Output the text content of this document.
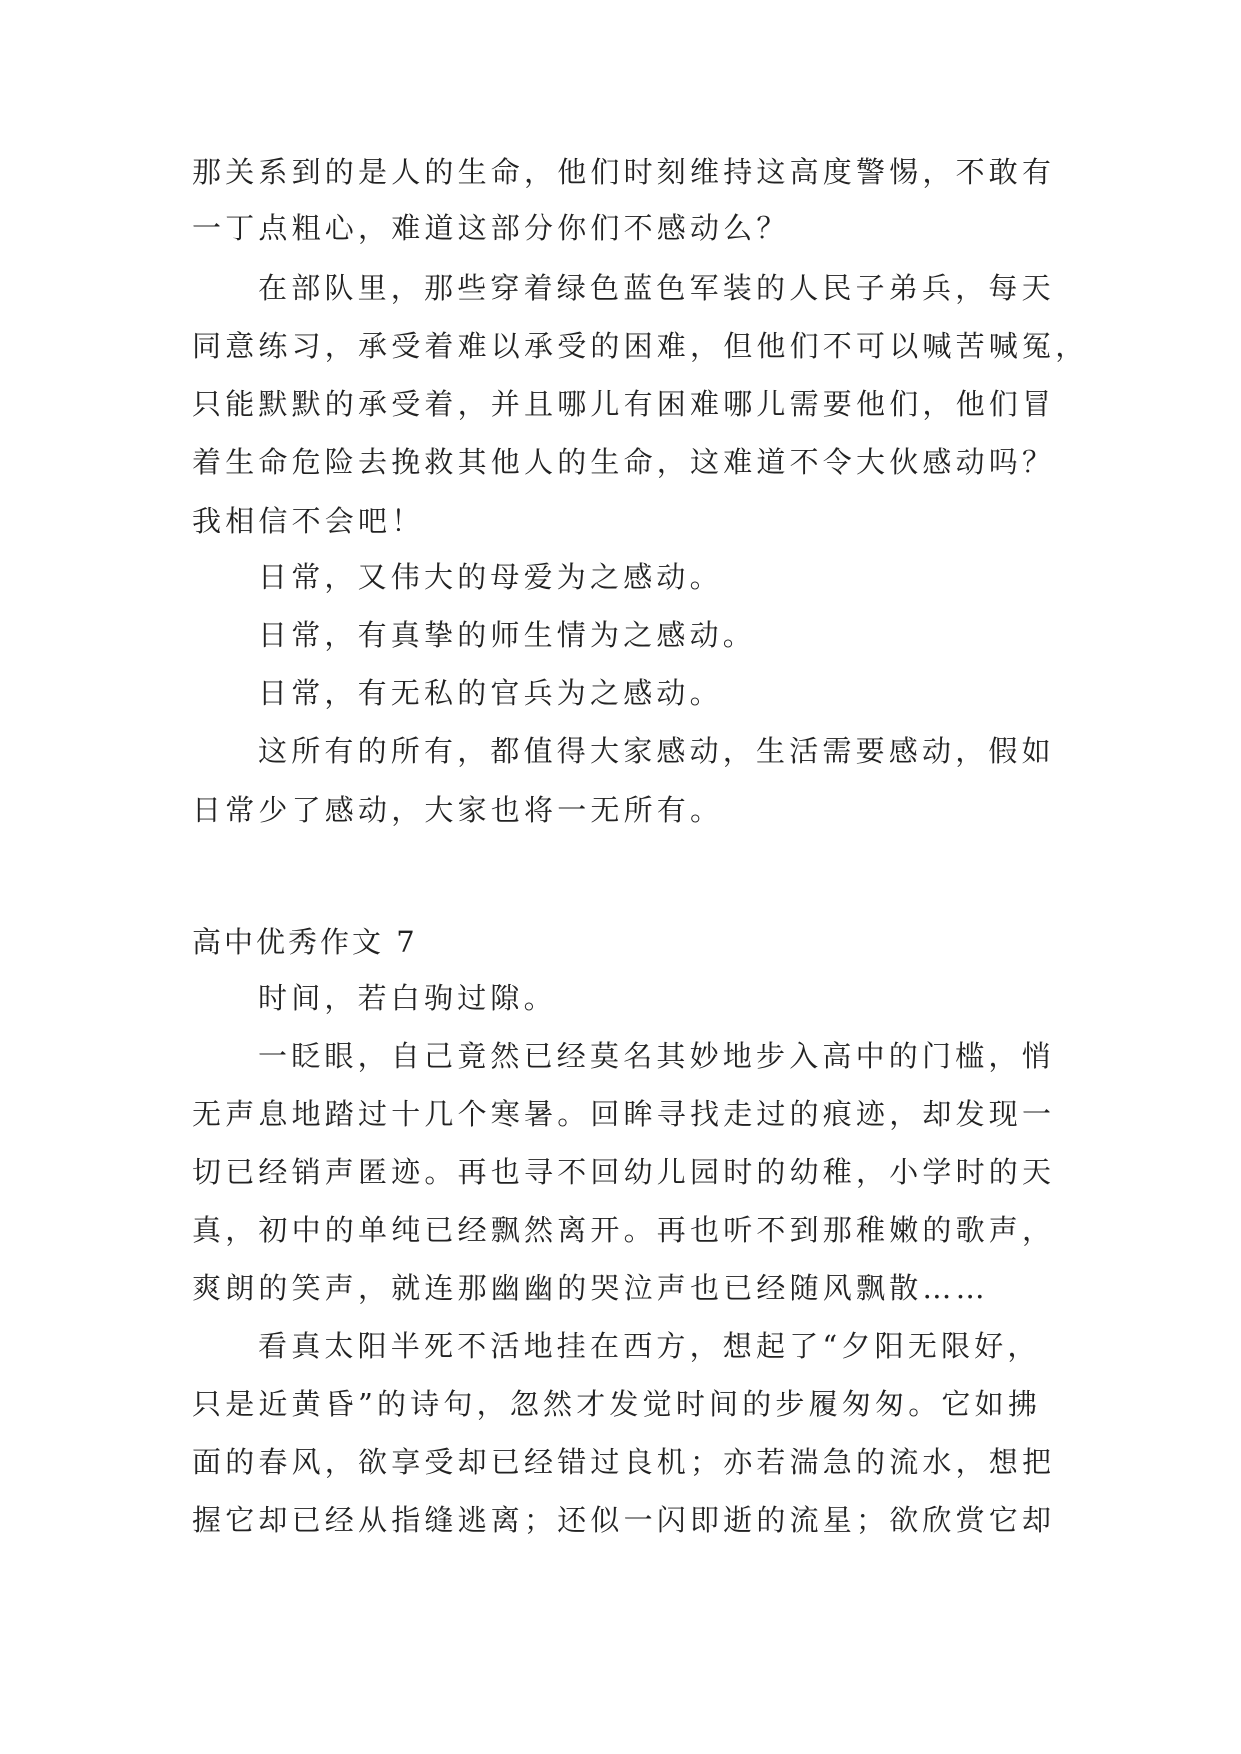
那关系到的是人的生命，他们时刻维持这高度警惕，不敢有
一丁点粗心，难道这部分你们不感动么？
在部队里，那些穿着绿色蓝色军装的人民子弟兵，每天
同意练习，承受着难以承受的困难，但他们不可以喊苦喊冤，
只能默默的承受着，并且哪儿有困难哪儿需要他们，他们冒
着生命危险去挽救其他人的生命，这难道不令大伙感动吗？
我相信不会吧！
日常，又伟大的母爱为之感动。
日常，有真挚的师生情为之感动。
日常，有无私的官兵为之感动。
这所有的所有，都值得大家感动，生活需要感动，假如
日常少了感动，大家也将一无所有。
高中优秀作文 7
时间，若白驹过隙。
一眨眼，自己竟然已经莫名其妙地步入高中的门槛，悄
无声息地踏过十几个寒暑。回眸寻找走过的痕迹，却发现一
切已经销声匿迹。再也寻不回幼儿园时的幼稚，小学时的天
真，初中的单纯已经飘然离开。再也听不到那稚嫩的歌声，
爽朗的笑声，就连那幽幽的哭泣声也已经随风飘散……
看真太阳半死不活地挂在西方，想起了“夕阳无限好，
只是近黄昏”的诗句，忽然才发觉时间的步履匆匆。它如拂
面的春风，欲享受却已经错过良机；亦若湍急的流水，想把
握它却已经从指缝逃离；还似一闪即逝的流星；欲欣赏它却
